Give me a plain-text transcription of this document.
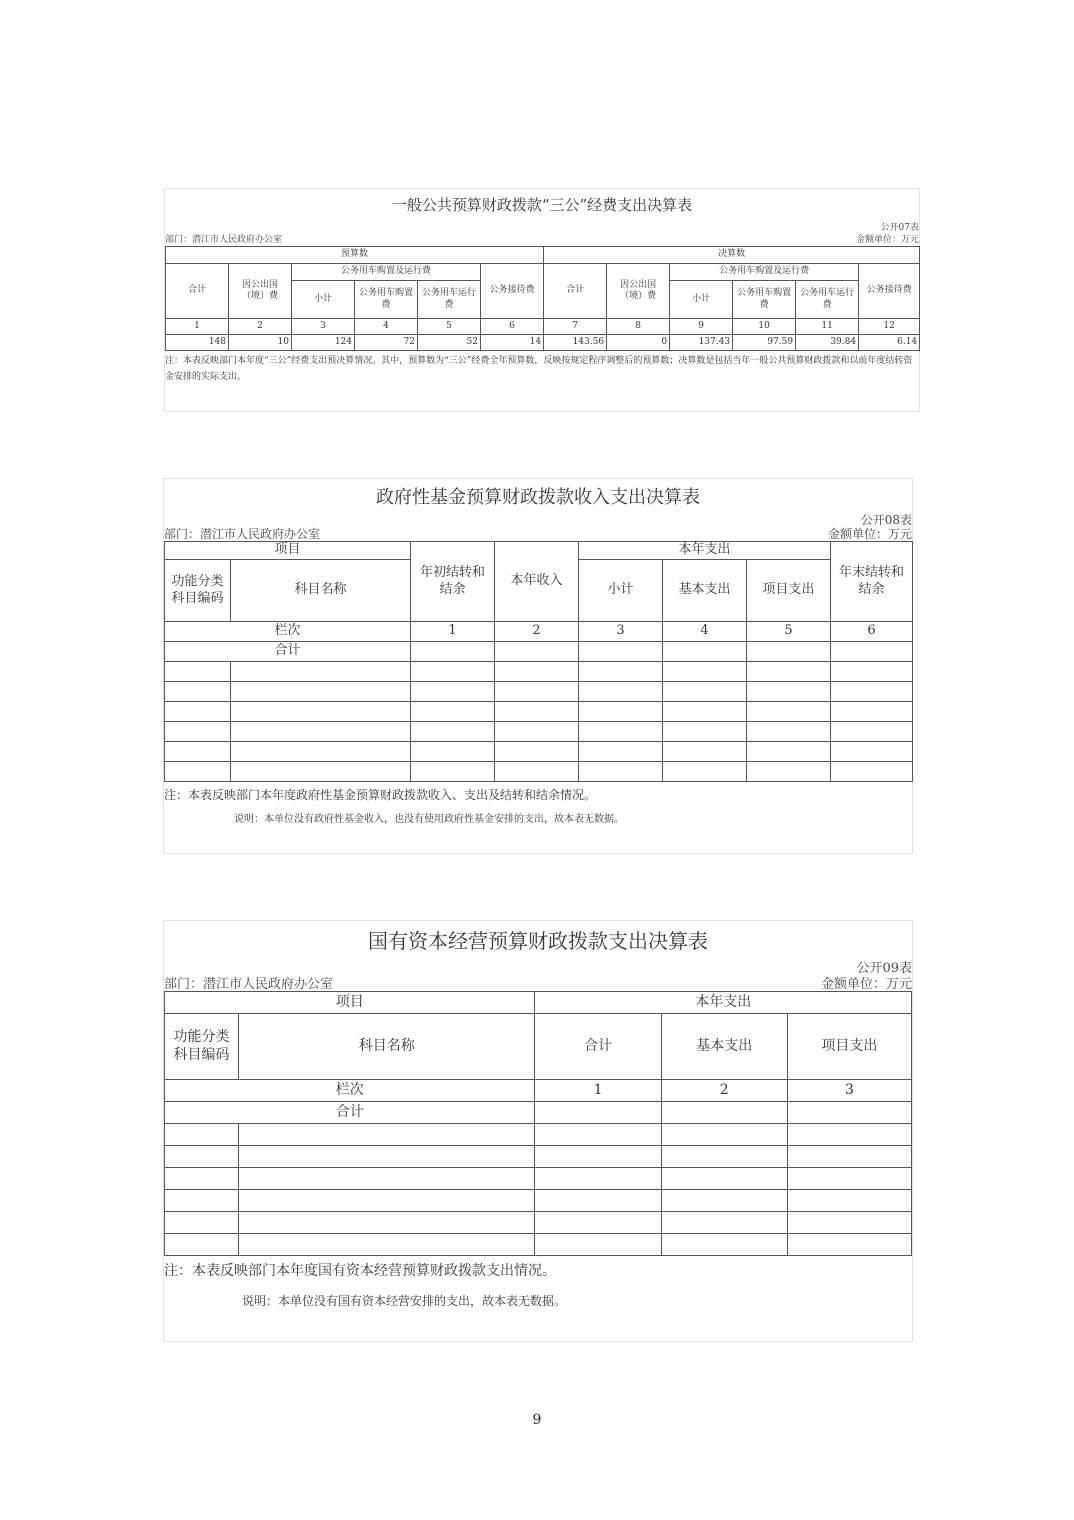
一般公共预算财政拨款“三公”经费支出决算表
公开07表
部门：潜江市人民政府办公室	金额单位：万元
预算数						决算数					
合计	因公出国（境）费	公务用车购置及运行费			公务接待费	合计	因公出国（境）费	公务用车购置及运行费			公务接待费
		小计	公务用车购置费	公务用车运行费				小计	公务用车购置费	公务用车运行费	
1	2	3	4	5	6	7	8	9	10	11	12
148	10	124	72	52	14	143.56	0	137.43	97.59	39.84	6.14
注：本表反映部门本年度“三公”经费支出预决算情况。其中，预算数为“三公”经费全年预算数，反映按规定程序调整后的预算数；决算数是包括当年一般公共预算财政拨款和以前年度结转资金安排的实际支出。
政府性基金预算财政拨款收入支出决算表
公开08表
部门：潜江市人民政府办公室	金额单位：万元
项目		年初结转和结余	本年收入	本年支出			年末结转和结余
功能分类科目编码	科目名称			小计	基本支出	项目支出	
栏次		1	2	3	4	5	6
合计							

注：本表反映部门本年度政府性基金预算财政拨款收入、支出及结转和结余情况。
说明：本单位没有政府性基金收入，也没有使用政府性基金安排的支出，故本表无数据。
国有资本经营预算财政拨款支出决算表
公开09表
部门：潜江市人民政府办公室	金额单位：万元
项目		本年支出		
功能分类科目编码	科目名称	合计	基本支出	项目支出
栏次		1	2	3
合计				

注：本表反映部门本年度国有资本经营预算财政拨款支出情况。
说明：本单位没有国有资本经营安排的支出，故本表无数据。
9
